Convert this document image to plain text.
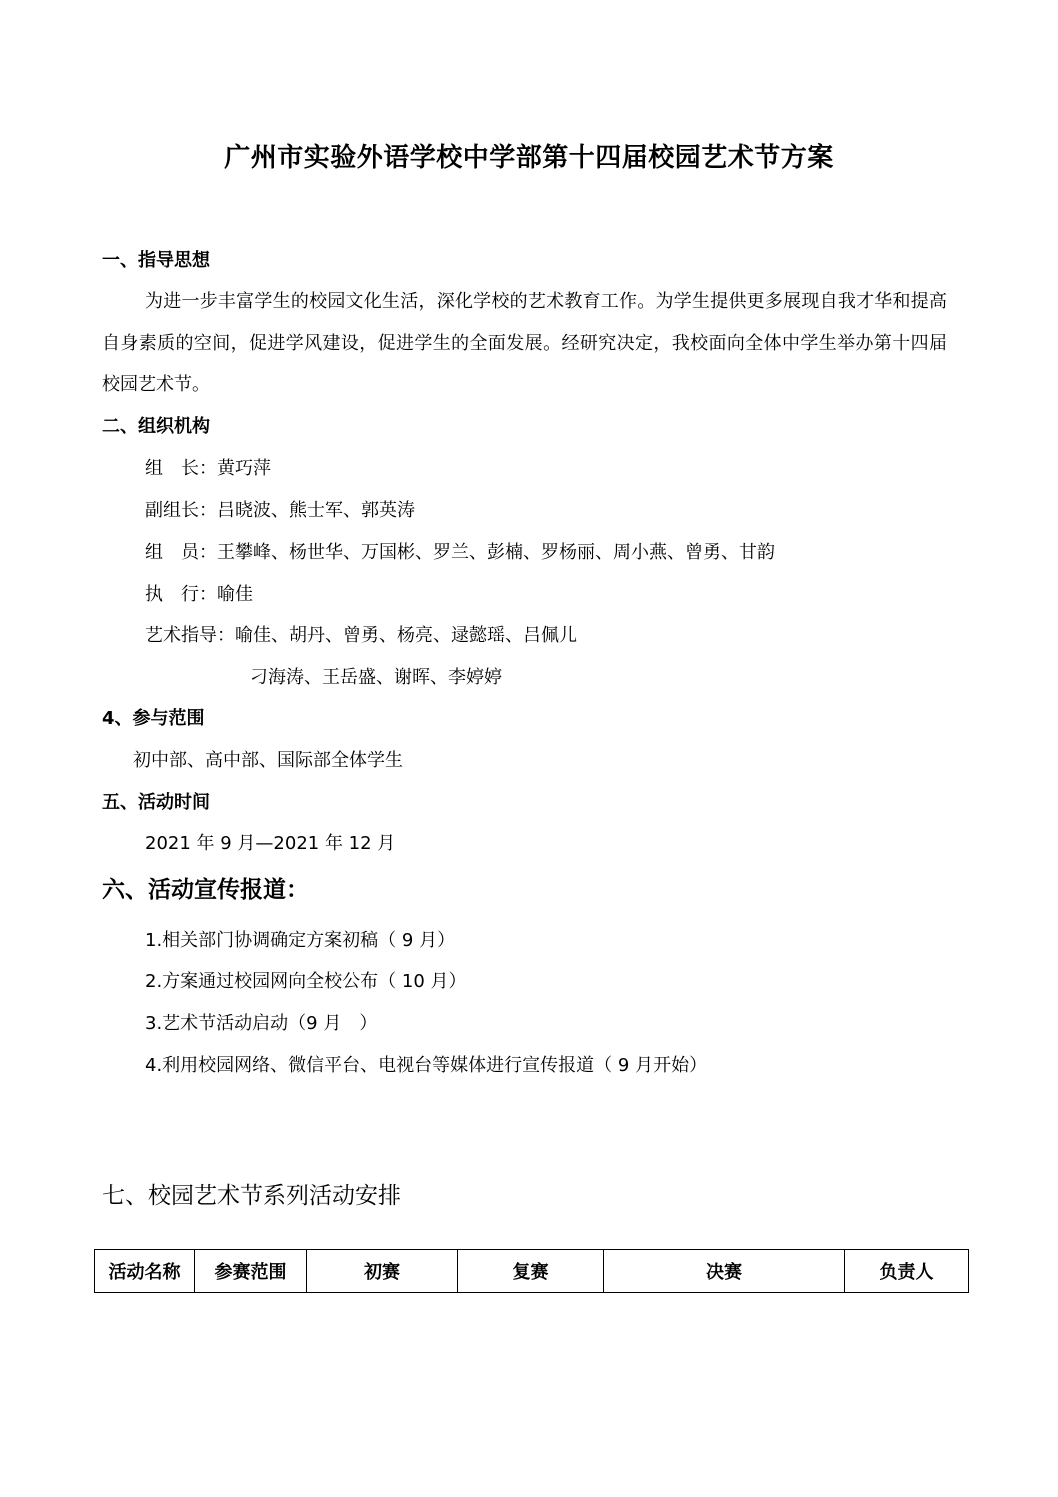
广州市实验外语学校中学部第十四届校园艺术节方案
一、指导思想

为进一步丰富学生的校园文化生活，深化学校的艺术教育工作。为学生提供更多展现自我才华和提高自身素质的空间，促进学风建设，促进学生的全面发展。经研究决定，我校面向全体中学生举办第十四届校园艺术节。

二、组织机构
组　长：黄巧萍
副组长：吕晓波、熊士军、郭英涛
组　员：王攀峰、杨世华、万国彬、罗兰、彭楠、罗杨丽、周小燕、曾勇、甘韵
执　行：喻佳
艺术指导：喻佳、胡丹、曾勇、杨亮、逯懿瑶、吕佩儿
刁海涛、王岳盛、谢晖、李婷婷
4、参与范围
初中部、高中部、国际部全体学生
五、活动时间
2021 年 9 月—2021 年 12 月
六、活动宣传报道：
1.相关部门协调确定方案初稿（ 9 月）
2.方案通过校园网向全校公布（ 10 月）
3.艺术节活动启动（9 月　）
4.利用校园网络、微信平台、电视台等媒体进行宣传报道（ 9 月开始）
七、校园艺术节系列活动安排
活动名称	参赛范围	初赛	复赛	决赛	负责人
